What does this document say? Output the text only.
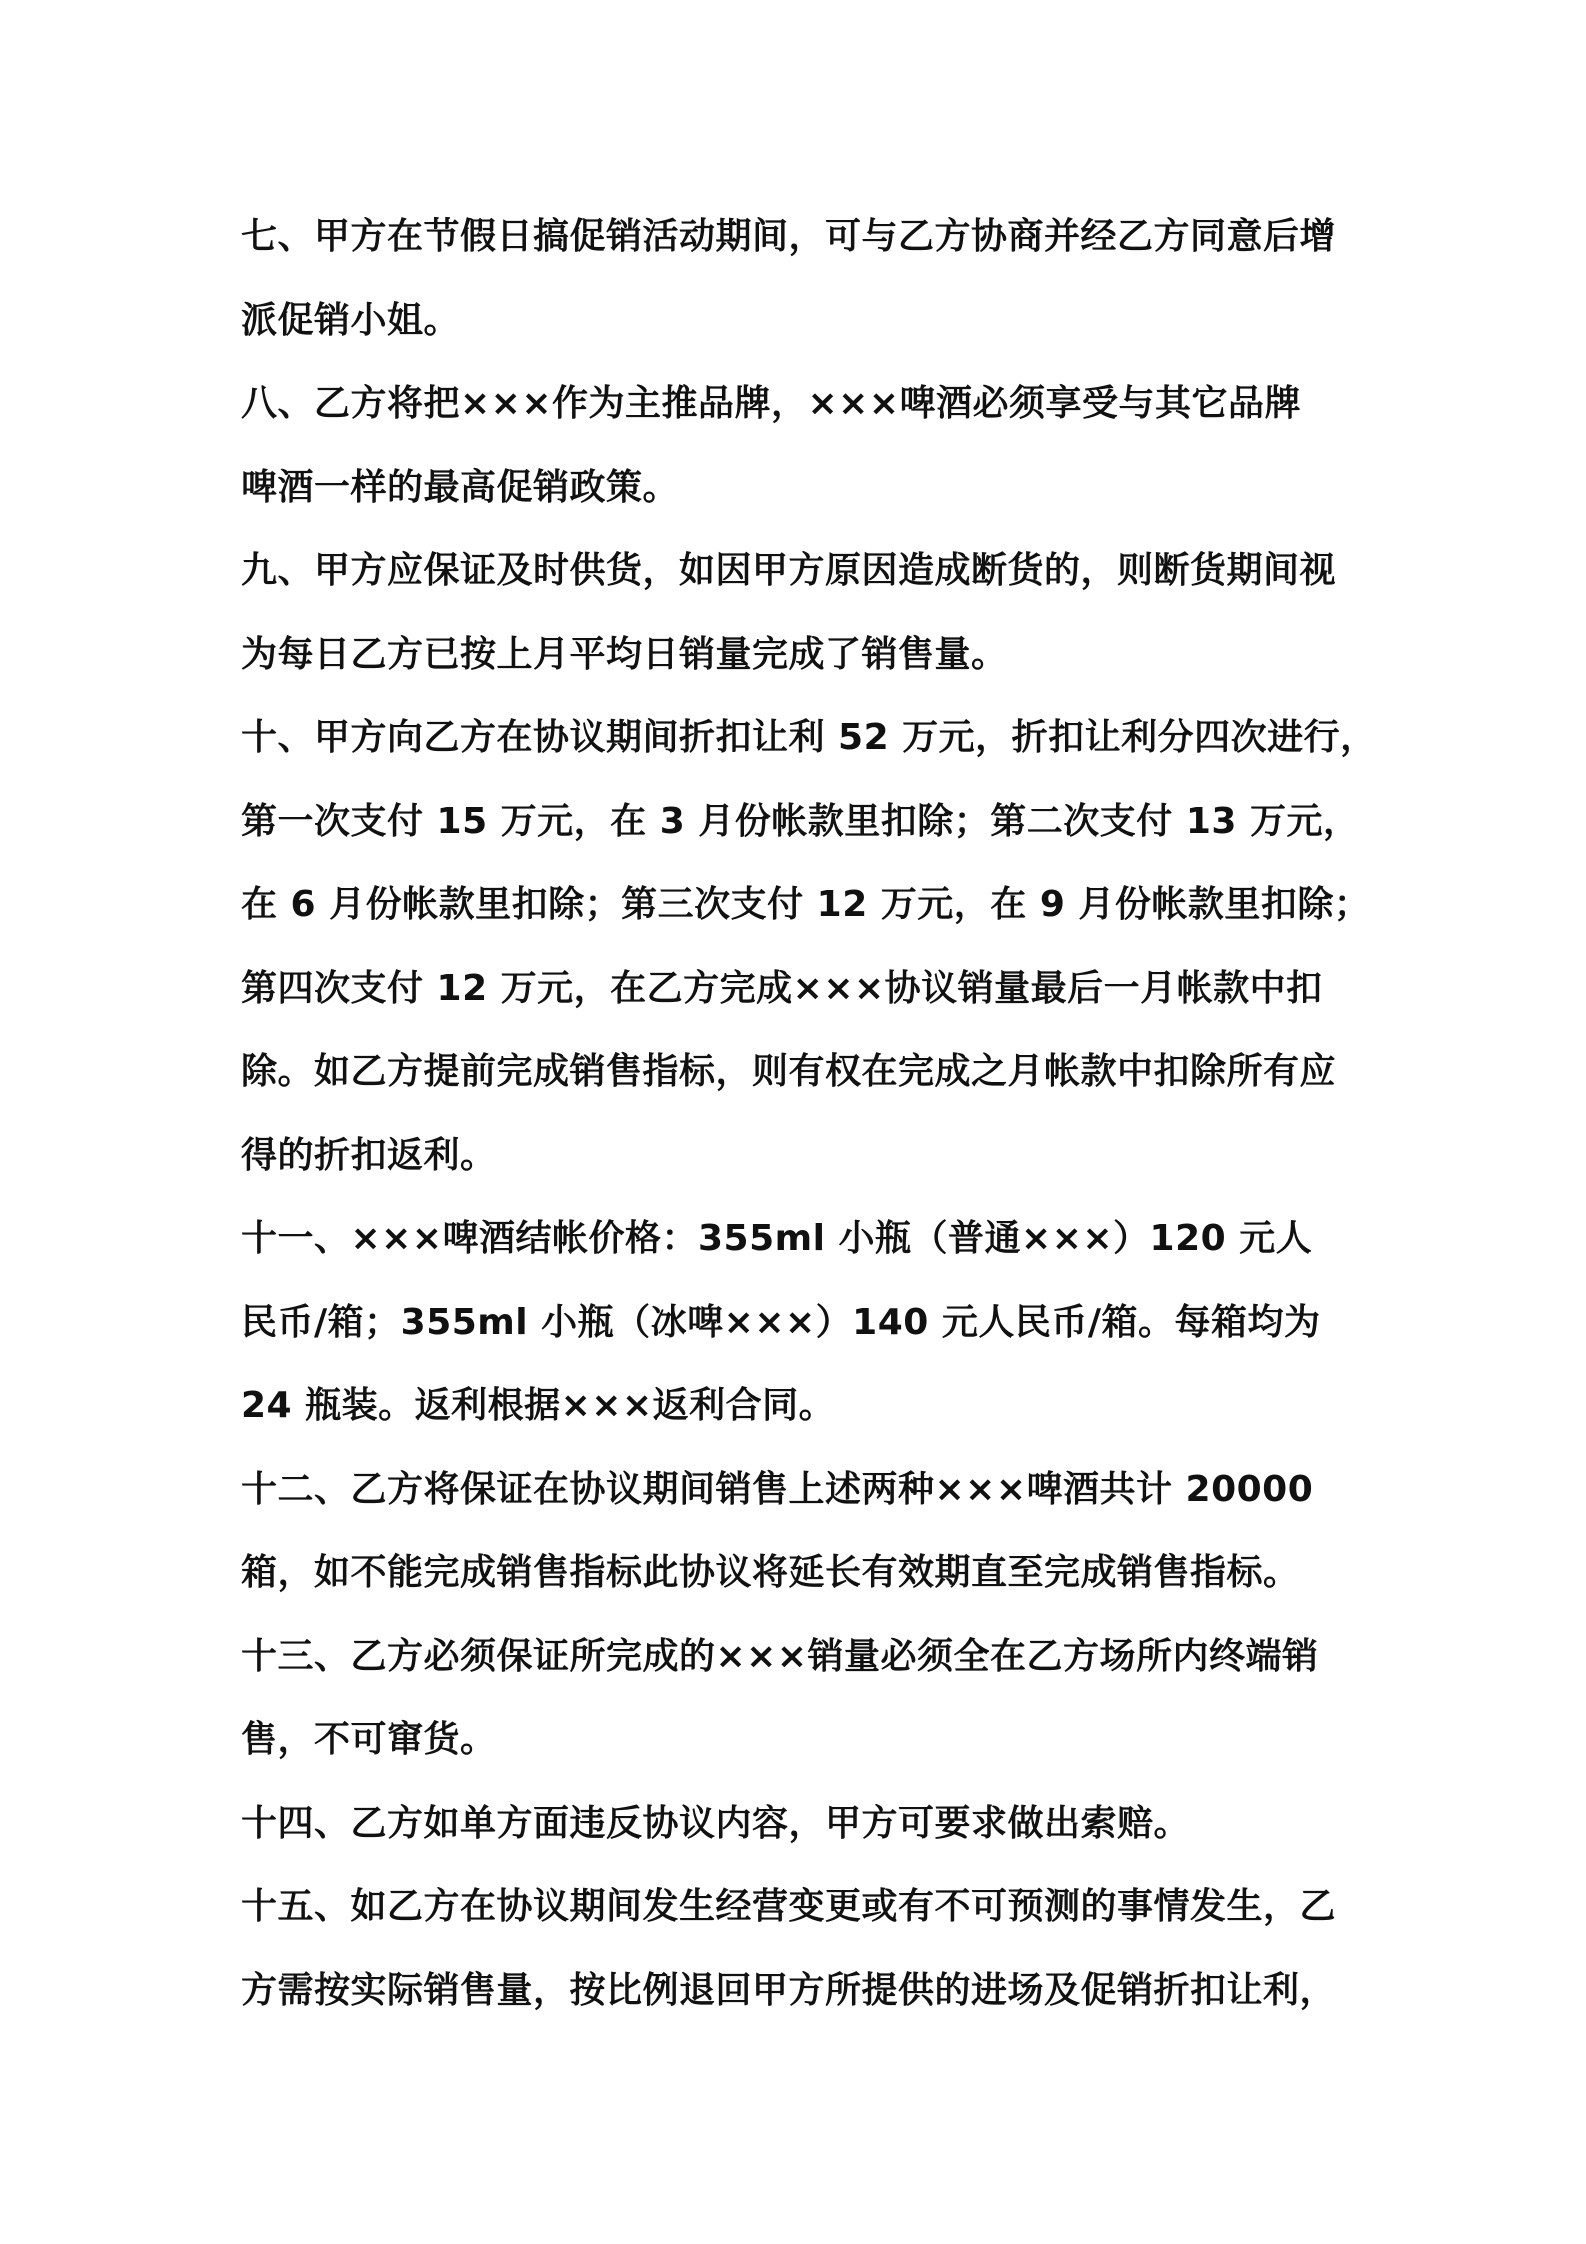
七、甲方在节假日搞促销活动期间，可与乙方协商并经乙方同意后增
派促销小姐。
八、乙方将把×××作为主推品牌，×××啤酒必须享受与其它品牌
啤酒一样的最高促销政策。
九、甲方应保证及时供货，如因甲方原因造成断货的，则断货期间视
为每日乙方已按上月平均日销量完成了销售量。
十、甲方向乙方在协议期间折扣让利 52 万元，折扣让利分四次进行，
第一次支付 15 万元，在 3 月份帐款里扣除；第二次支付 13 万元，
在 6 月份帐款里扣除；第三次支付 12 万元，在 9 月份帐款里扣除；
第四次支付 12 万元，在乙方完成×××协议销量最后一月帐款中扣
除。如乙方提前完成销售指标，则有权在完成之月帐款中扣除所有应
得的折扣返利。
十一、×××啤酒结帐价格：355ml 小瓶（普通×××）120 元人
民币/箱；355ml 小瓶（冰啤×××）140 元人民币/箱。每箱均为
24 瓶装。返利根据×××返利合同。
十二、乙方将保证在协议期间销售上述两种×××啤酒共计 20000
箱，如不能完成销售指标此协议将延长有效期直至完成销售指标。
十三、乙方必须保证所完成的×××销量必须全在乙方场所内终端销
售，不可窜货。
十四、乙方如单方面违反协议内容，甲方可要求做出索赔。
十五、如乙方在协议期间发生经营变更或有不可预测的事情发生，乙
方需按实际销售量，按比例退回甲方所提供的进场及促销折扣让利，
